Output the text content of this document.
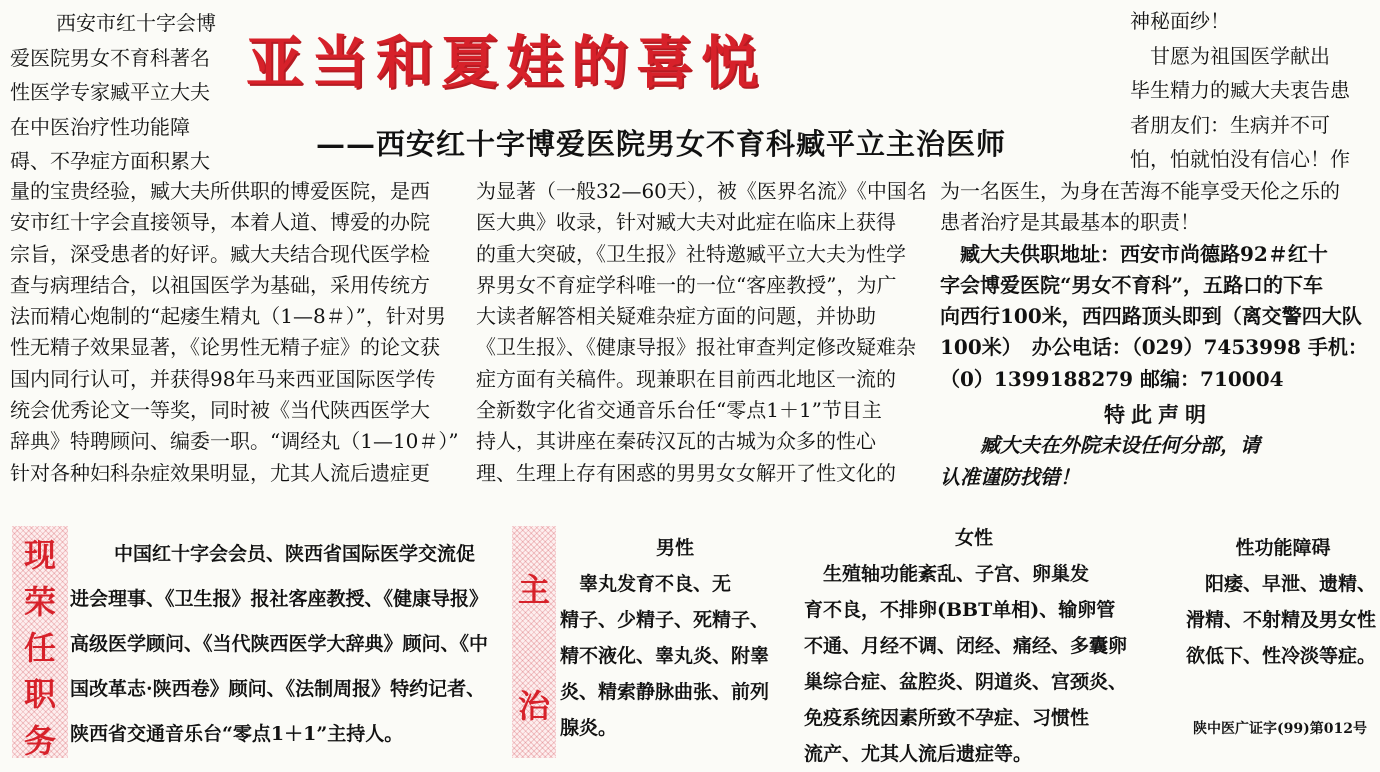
西安市红十字会博
爱医院男女不育科著名
性医学专家臧平立大夫
在中医治疗性功能障
碍、不孕症方面积累大
亚当和夏娃的喜悦
——西安红十字博爱医院男女不育科臧平立主治医师
神秘面纱！
　甘愿为祖国医学献出
毕生精力的臧大夫衷告患
者朋友们：生病并不可
怕，怕就怕没有信心！作
量的宝贵经验，臧大夫所供职的博爱医院，是西
安市红十字会直接领导，本着人道、博爱的办院
宗旨，深受患者的好评。臧大夫结合现代医学检
查与病理结合，以祖国医学为基础，采用传统方
法而精心炮制的“起痿生精丸（1—8＃）”，针对男
性无精子效果显著，《论男性无精子症》的论文获
国内同行认可，并获得98年马来西亚国际医学传
统会优秀论文一等奖，同时被《当代陕西医学大
辞典》特聘顾问、编委一职。“调经丸（1—10＃）”
针对各种妇科杂症效果明显，尤其人流后遗症更
为显著（一般32—60天），被《医界名流》《中国名
医大典》收录，针对臧大夫对此症在临床上获得
的重大突破，《卫生报》社特邀臧平立大夫为性学
界男女不育症学科唯一的一位“客座教授”，为广
大读者解答相关疑难杂症方面的问题，并协助
《卫生报》、《健康导报》报社审查判定修改疑难杂
症方面有关稿件。现兼职在目前西北地区一流的
全新数字化省交通音乐台任“零点1＋1”节目主
持人，其讲座在秦砖汉瓦的古城为众多的性心
理、生理上存有困惑的男男女女解开了性文化的
为一名医生，为身在苦海不能享受天伦之乐的
患者治疗是其最基本的职责！
　臧大夫供职地址：西安市尚德路92＃红十
字会博爱医院“男女不育科”，五路口的下车
向西行100米，西四路顶头即到（离交警四大队
100米）　办公电话：（029）7453998 手机：
（0）1399188279 邮编：710004
特此声明
　　臧大夫在外院未设任何分部，请
认准谨防找错！
现
荣
任
职
务
中国红十字会会员、陕西省国际医学交流促
进会理事、《卫生报》报社客座教授、《健康导报》
高级医学顾问、《当代陕西医学大辞典》顾问、《中
国改革志·陕西卷》顾问、《法制周报》特约记者、
陕西省交通音乐台“零点1＋1”主持人。
主
治
男性
　睾丸发育不良、无
精子、少精子、死精子、
精不液化、睾丸炎、附睾
炎、精索静脉曲张、前列
腺炎。
女性
　生殖轴功能紊乱、子宫、卵巢发
育不良，不排卵(BBT单相)、输卵管
不通、月经不调、闭经、痛经、多囊卵
巢综合症、盆腔炎、阴道炎、宫颈炎、
免疫系统因素所致不孕症、习惯性
流产、尤其人流后遗症等。
性功能障碍
　阳痿、早泄、遗精、
滑精、不射精及男女性
欲低下、性冷淡等症。
陕中医广证字(99)第012号
